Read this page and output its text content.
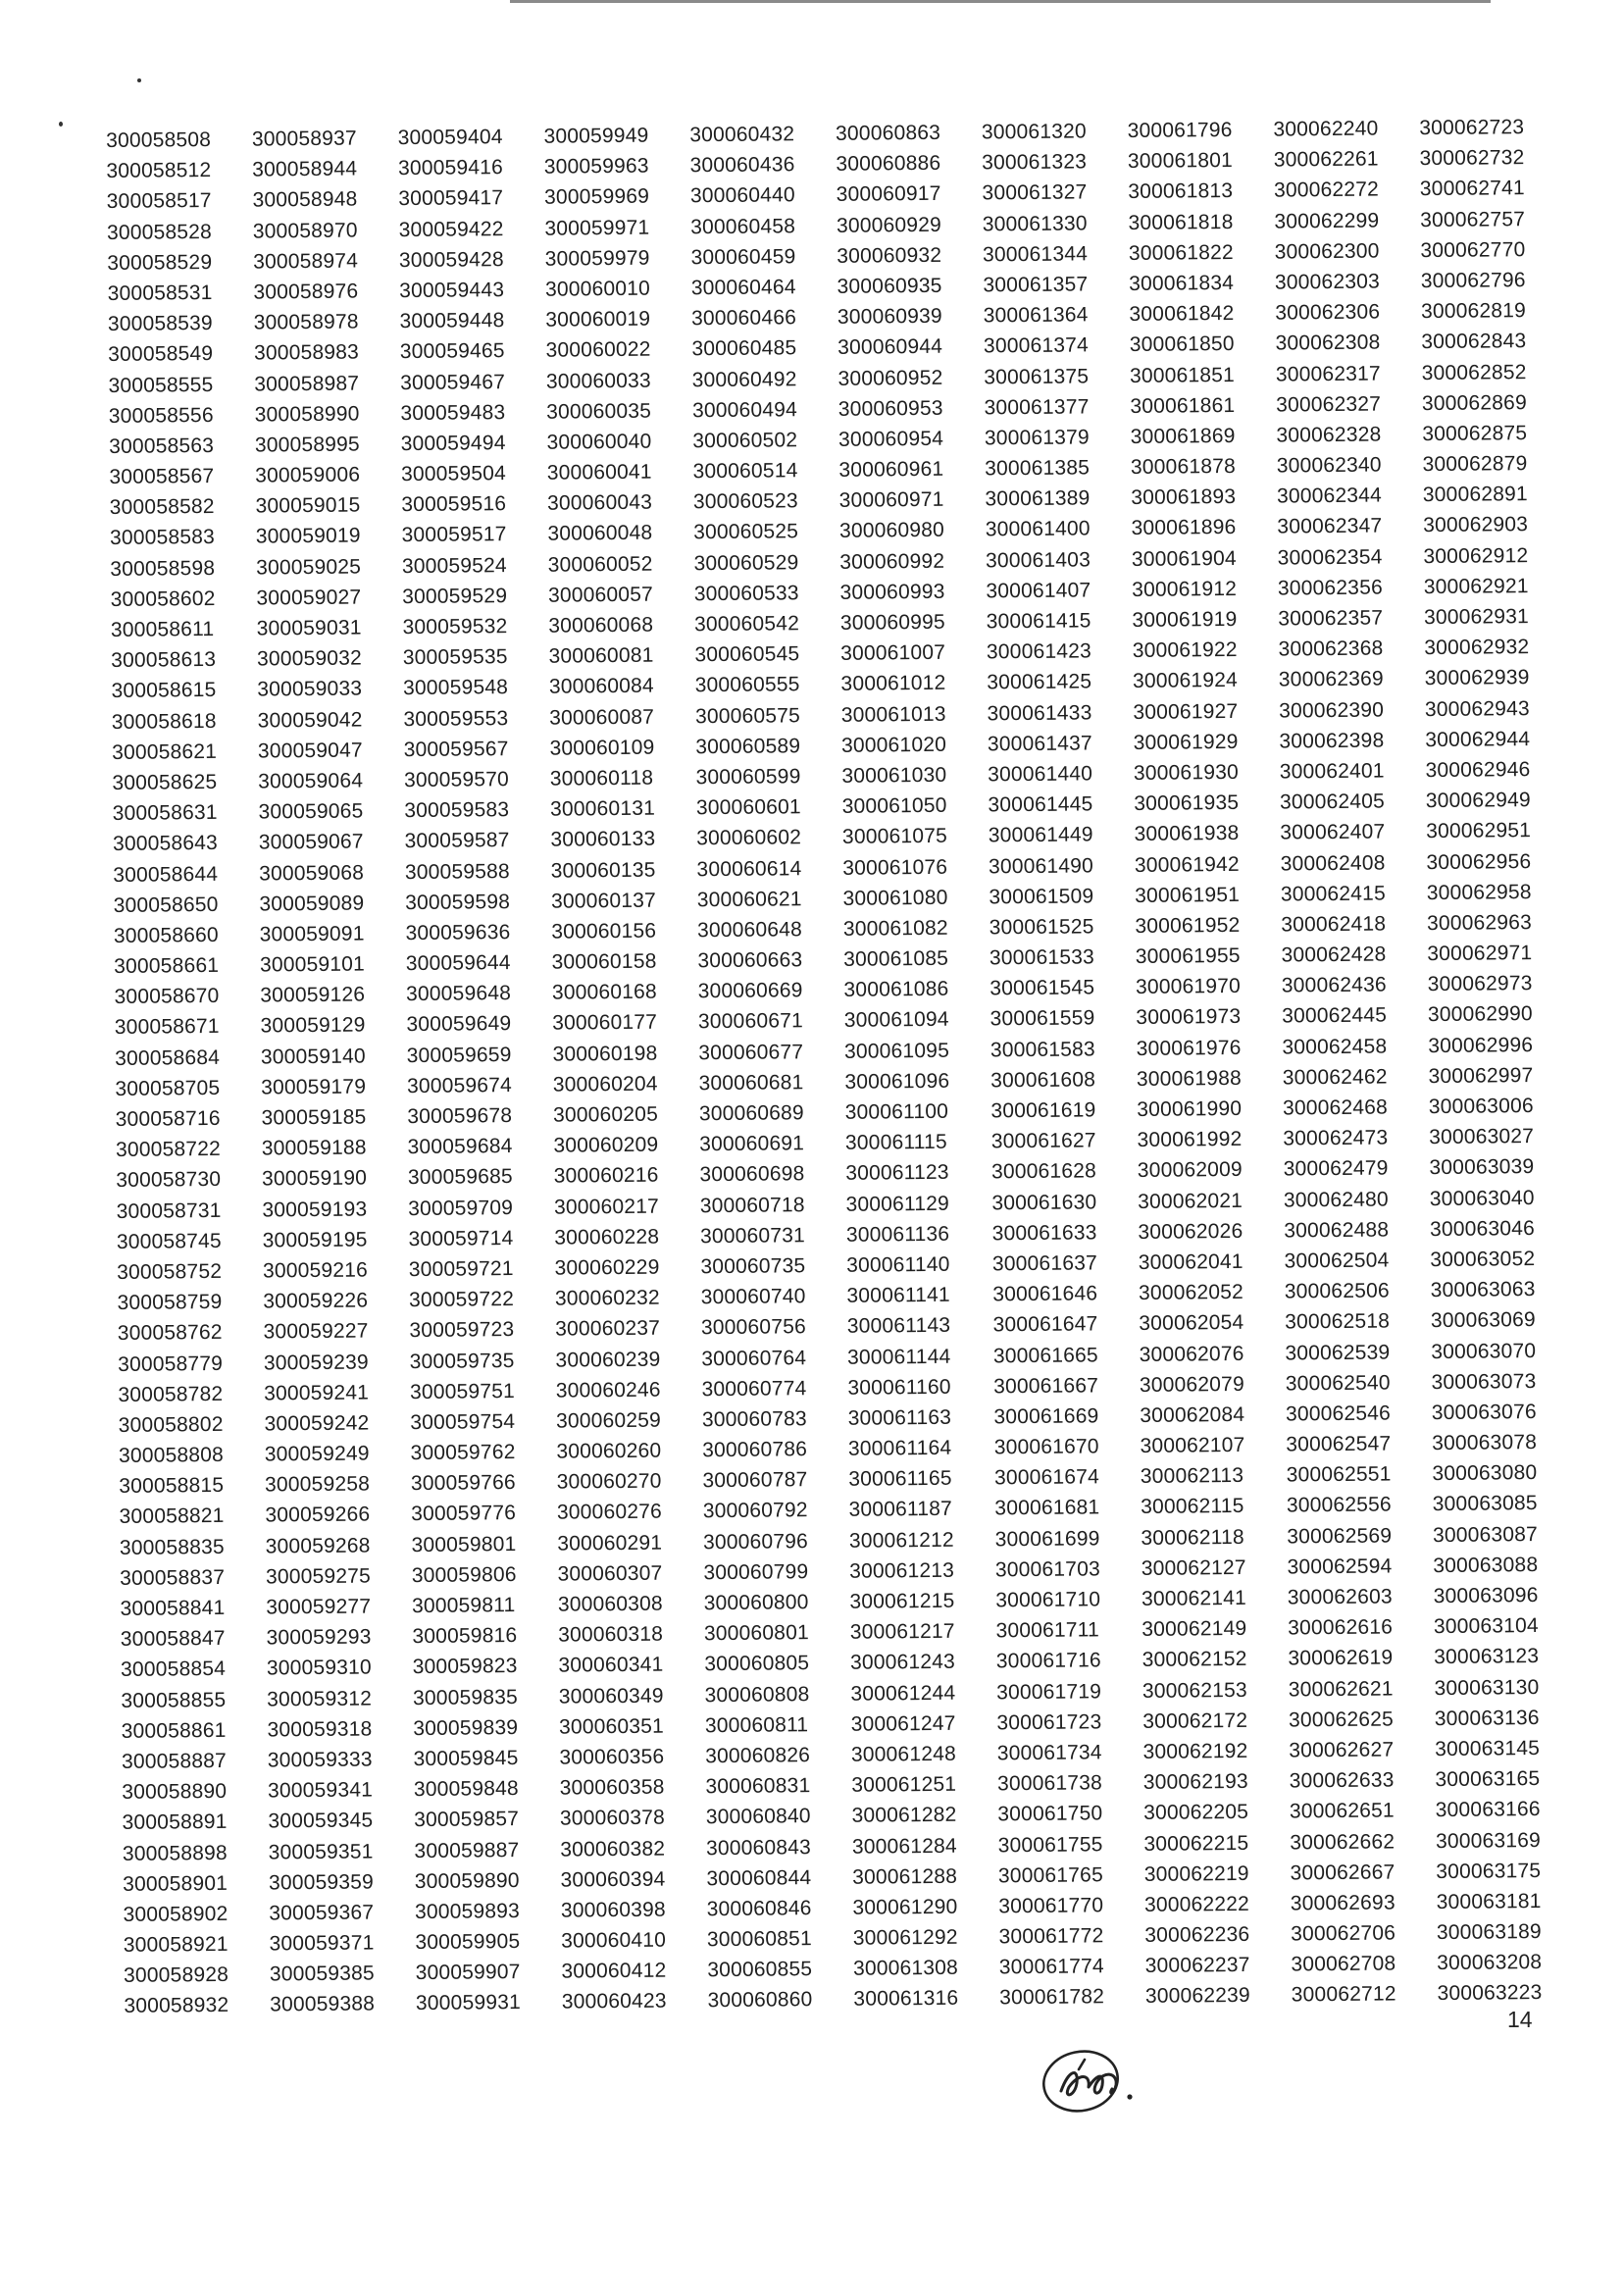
300058508
300058512
300058517
300058528
300058529
300058531
300058539
300058549
300058555
300058556
300058563
300058567
300058582
300058583
300058598
300058602
300058611
300058613
300058615
300058618
300058621
300058625
300058631
300058643
300058644
300058650
300058660
300058661
300058670
300058671
300058684
300058705
300058716
300058722
300058730
300058731
300058745
300058752
300058759
300058762
300058779
300058782
300058802
300058808
300058815
300058821
300058835
300058837
300058841
300058847
300058854
300058855
300058861
300058887
300058890
300058891
300058898
300058901
300058902
300058921
300058928
300058932
300058937
300058944
300058948
300058970
300058974
300058976
300058978
300058983
300058987
300058990
300058995
300059006
300059015
300059019
300059025
300059027
300059031
300059032
300059033
300059042
300059047
300059064
300059065
300059067
300059068
300059089
300059091
300059101
300059126
300059129
300059140
300059179
300059185
300059188
300059190
300059193
300059195
300059216
300059226
300059227
300059239
300059241
300059242
300059249
300059258
300059266
300059268
300059275
300059277
300059293
300059310
300059312
300059318
300059333
300059341
300059345
300059351
300059359
300059367
300059371
300059385
300059388
300059404
300059416
300059417
300059422
300059428
300059443
300059448
300059465
300059467
300059483
300059494
300059504
300059516
300059517
300059524
300059529
300059532
300059535
300059548
300059553
300059567
300059570
300059583
300059587
300059588
300059598
300059636
300059644
300059648
300059649
300059659
300059674
300059678
300059684
300059685
300059709
300059714
300059721
300059722
300059723
300059735
300059751
300059754
300059762
300059766
300059776
300059801
300059806
300059811
300059816
300059823
300059835
300059839
300059845
300059848
300059857
300059887
300059890
300059893
300059905
300059907
300059931
300059949
300059963
300059969
300059971
300059979
300060010
300060019
300060022
300060033
300060035
300060040
300060041
300060043
300060048
300060052
300060057
300060068
300060081
300060084
300060087
300060109
300060118
300060131
300060133
300060135
300060137
300060156
300060158
300060168
300060177
300060198
300060204
300060205
300060209
300060216
300060217
300060228
300060229
300060232
300060237
300060239
300060246
300060259
300060260
300060270
300060276
300060291
300060307
300060308
300060318
300060341
300060349
300060351
300060356
300060358
300060378
300060382
300060394
300060398
300060410
300060412
300060423
300060432
300060436
300060440
300060458
300060459
300060464
300060466
300060485
300060492
300060494
300060502
300060514
300060523
300060525
300060529
300060533
300060542
300060545
300060555
300060575
300060589
300060599
300060601
300060602
300060614
300060621
300060648
300060663
300060669
300060671
300060677
300060681
300060689
300060691
300060698
300060718
300060731
300060735
300060740
300060756
300060764
300060774
300060783
300060786
300060787
300060792
300060796
300060799
300060800
300060801
300060805
300060808
300060811
300060826
300060831
300060840
300060843
300060844
300060846
300060851
300060855
300060860
300060863
300060886
300060917
300060929
300060932
300060935
300060939
300060944
300060952
300060953
300060954
300060961
300060971
300060980
300060992
300060993
300060995
300061007
300061012
300061013
300061020
300061030
300061050
300061075
300061076
300061080
300061082
300061085
300061086
300061094
300061095
300061096
300061100
300061115
300061123
300061129
300061136
300061140
300061141
300061143
300061144
300061160
300061163
300061164
300061165
300061187
300061212
300061213
300061215
300061217
300061243
300061244
300061247
300061248
300061251
300061282
300061284
300061288
300061290
300061292
300061308
300061316
300061320
300061323
300061327
300061330
300061344
300061357
300061364
300061374
300061375
300061377
300061379
300061385
300061389
300061400
300061403
300061407
300061415
300061423
300061425
300061433
300061437
300061440
300061445
300061449
300061490
300061509
300061525
300061533
300061545
300061559
300061583
300061608
300061619
300061627
300061628
300061630
300061633
300061637
300061646
300061647
300061665
300061667
300061669
300061670
300061674
300061681
300061699
300061703
300061710
300061711
300061716
300061719
300061723
300061734
300061738
300061750
300061755
300061765
300061770
300061772
300061774
300061782
300061796
300061801
300061813
300061818
300061822
300061834
300061842
300061850
300061851
300061861
300061869
300061878
300061893
300061896
300061904
300061912
300061919
300061922
300061924
300061927
300061929
300061930
300061935
300061938
300061942
300061951
300061952
300061955
300061970
300061973
300061976
300061988
300061990
300061992
300062009
300062021
300062026
300062041
300062052
300062054
300062076
300062079
300062084
300062107
300062113
300062115
300062118
300062127
300062141
300062149
300062152
300062153
300062172
300062192
300062193
300062205
300062215
300062219
300062222
300062236
300062237
300062239
300062240
300062261
300062272
300062299
300062300
300062303
300062306
300062308
300062317
300062327
300062328
300062340
300062344
300062347
300062354
300062356
300062357
300062368
300062369
300062390
300062398
300062401
300062405
300062407
300062408
300062415
300062418
300062428
300062436
300062445
300062458
300062462
300062468
300062473
300062479
300062480
300062488
300062504
300062506
300062518
300062539
300062540
300062546
300062547
300062551
300062556
300062569
300062594
300062603
300062616
300062619
300062621
300062625
300062627
300062633
300062651
300062662
300062667
300062693
300062706
300062708
300062712
300062723
300062732
300062741
300062757
300062770
300062796
300062819
300062843
300062852
300062869
300062875
300062879
300062891
300062903
300062912
300062921
300062931
300062932
300062939
300062943
300062944
300062946
300062949
300062951
300062956
300062958
300062963
300062971
300062973
300062990
300062996
300062997
300063006
300063027
300063039
300063040
300063046
300063052
300063063
300063069
300063070
300063073
300063076
300063078
300063080
300063085
300063087
300063088
300063096
300063104
300063123
300063130
300063136
300063145
300063165
300063166
300063169
300063175
300063181
300063189
300063208
300063223
14
